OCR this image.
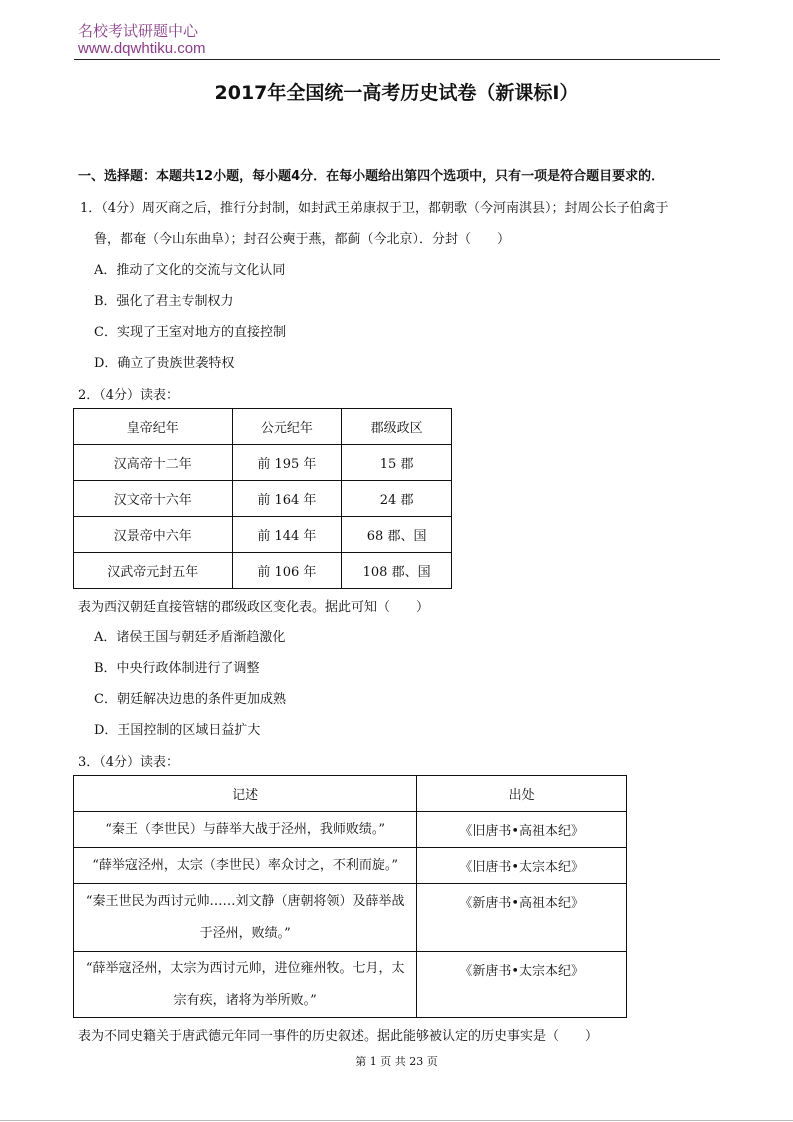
名校考试研题中心
www.dqwhtiku.com
2017年全国统一高考历史试卷（新课标Ⅰ）
一、选择题：本题共12小题，每小题4分．在每小题给出第四个选项中，只有一项是符合题目要求的．
1．（4分）周灭商之后，推行分封制，如封武王弟康叔于卫，都朝歌（今河南淇县）；封周公长子伯禽于
鲁，都奄（今山东曲阜）；封召公奭于燕，都蓟（今北京）．分封（　　）
A．推动了文化的交流与文化认同
B．强化了君主专制权力
C．实现了王室对地方的直接控制
D．确立了贵族世袭特权
2．（4分）读表：
皇帝纪年	公元纪年	郡级政区
汉高帝十二年	前 195 年	15 郡
汉文帝十六年	前 164 年	24 郡
汉景帝中六年	前 144 年	68 郡、国
汉武帝元封五年	前 106 年	108 郡、国
表为西汉朝廷直接管辖的郡级政区变化表。据此可知（　　）
A．诸侯王国与朝廷矛盾渐趋激化
B．中央行政体制进行了调整
C．朝廷解决边患的条件更加成熟
D．王国控制的区域日益扩大
3．（4分）读表：
记述	出处
“秦王（李世民）与薛举大战于泾州，我师败绩。”	《旧唐书•高祖本纪》
“薛举寇泾州，太宗（李世民）率众讨之，不利而旋。”	《旧唐书•太宗本纪》

“秦王世民为西讨元帅……刘文静（唐朝将领）及薛举战
于泾州，败绩。”	《新唐书•高祖本纪》

“薛举寇泾州，太宗为西讨元帅，进位雍州牧。七月，太
宗有疾，诸将为举所败。”	《新唐书•太宗本纪》
表为不同史籍关于唐武德元年同一事件的历史叙述。据此能够被认定的历史事实是（　　）
第 1 页 共 23 页
